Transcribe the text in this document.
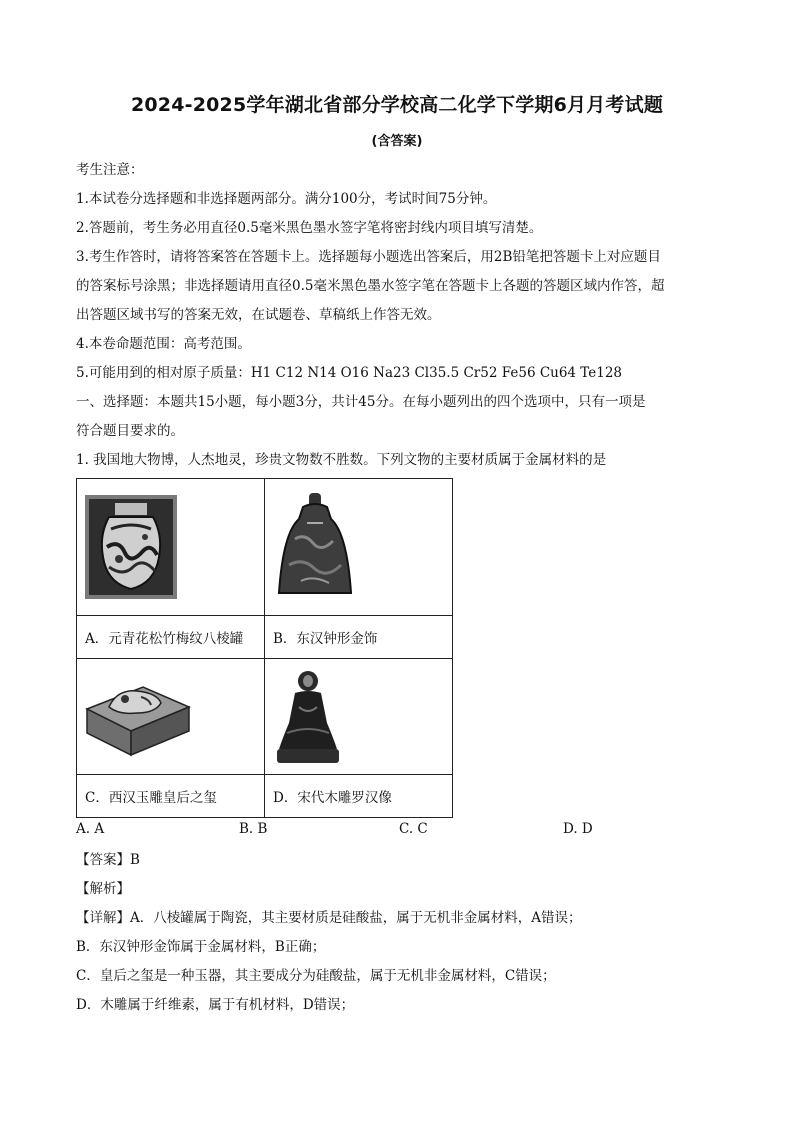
2024-2025学年湖北省部分学校高二化学下学期6月月考试题
(含答案)
考生注意：
1.本试卷分选择题和非选择题两部分。满分100分，考试时间75分钟。
2.答题前，考生务必用直径0.5毫米黑色墨水签字笔将密封线内项目填写清楚。
3.考生作答时，请将答案答在答题卡上。选择题每小题选出答案后，用2B铅笔把答题卡上对应题目
的答案标号涂黑；非选择题请用直径0.5毫米黑色墨水签字笔在答题卡上各题的答题区域内作答，超
出答题区域书写的答案无效，在试题卷、草稿纸上作答无效。
4.本卷命题范围：高考范围。
5.可能用到的相对原子质量：H1 C12 N14 O16 Na23 Cl35.5 Cr52 Fe56 Cu64 Te128
一、选择题：本题共15小题，每小题3分，共计45分。在每小题列出的四个选项中，只有一项是
符合题目要求的。
1. 我国地大物博，人杰地灵，珍贵文物数不胜数。下列文物的主要材质属于金属材料的是

A．元青花松竹梅纹八棱罐	B．东汉钟形金饰

C．西汉玉雕皇后之玺	D．宋代木雕罗汉像
A. A	B. B	C. C	D. D
【答案】B
【解析】
【详解】A．八棱罐属于陶瓷，其主要材质是硅酸盐，属于无机非金属材料，A错误；
B．东汉钟形金饰属于金属材料，B正确；
C．皇后之玺是一种玉器，其主要成分为硅酸盐，属于无机非金属材料，C错误；
D．木雕属于纤维素，属于有机材料，D错误；
